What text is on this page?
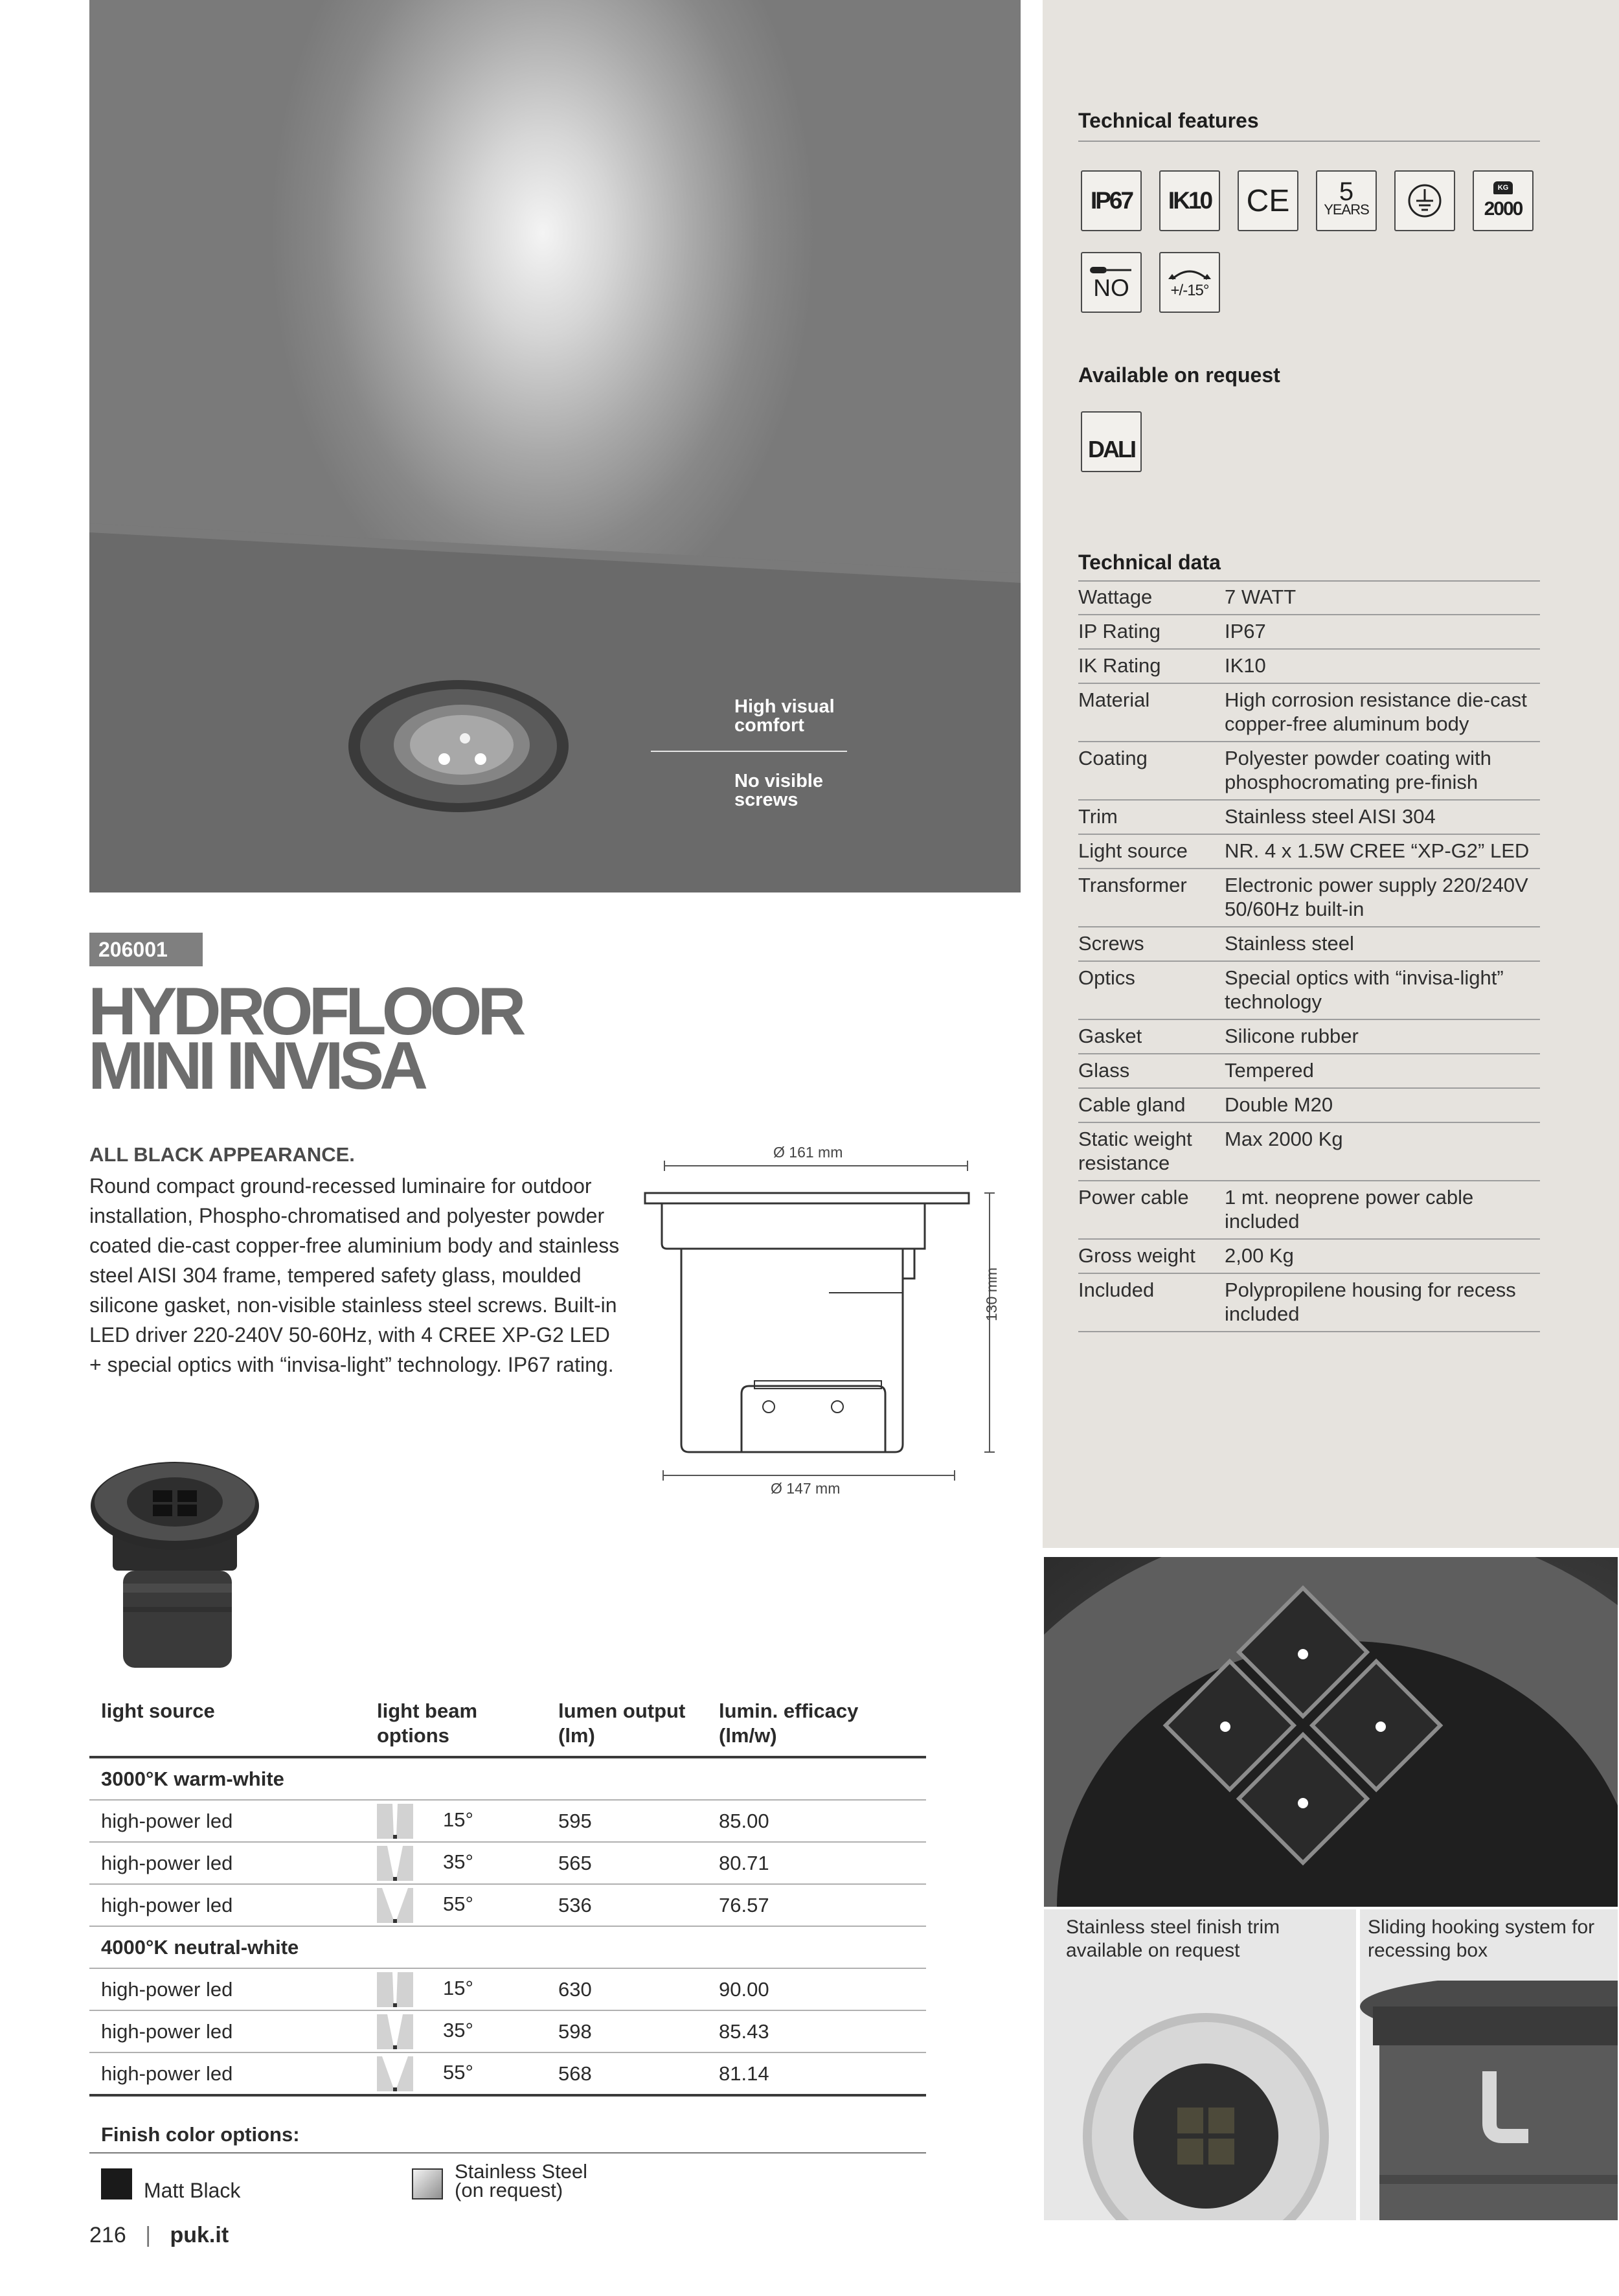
High visual comfort
No visible screws
Technical features
IP67	IK10 CE	5
YEARS
KG
2000
NO	+/-15°
Available on request
DALI
Technical data
Wattage	7 WATT
IP Rating	IP67
IK Rating	IK10
Material	High corrosion resistance die-cast copper-free aluminum body
Coating	Polyester powder coating with phosphocromating pre-finish
Trim	Stainless steel AISI 304
Light source	NR. 4 x 1.5W CREE “XP-G2” LED
Transformer	Electronic power supply 220/240V 50/60Hz built-in
Screws	Stainless steel
Optics	Special optics with “invisa-light” technology
Gasket	Silicone rubber
Glass	Tempered
Cable gland	Double M20
Static weight resistance	Max 2000 Kg
Power cable	1 mt. neoprene power cable included
Gross weight	2,00 Kg
Included	Polypropilene housing for recess included
206001
HYDROFLOOR
MINI INVISA
ALL BLACK APPEARANCE.
Round compact ground-recessed luminaire for outdoor installation, Phospho-chromatised and polyester powder coated die-cast copper-free aluminium body and stainless steel AISI 304 frame, tempered safety glass, moulded silicone gasket, non-visible stainless steel screws. Built-in LED driver 220-240V 50-60Hz, with 4 CREE XP-G2 LED + special optics with “invisa-light” technology. IP67 rating.
Ø 161 mm
130 mm
Ø 147 mm
light source	light beam options	lumen output (lm)	lumin. efficacy (lm/w)
3000°K warm-white			
high-power led	15°	595	85.00
high-power led	35°	565	80.71
high-power led	55°	536	76.57
4000°K neutral-white			
high-power led	15°	630	90.00
high-power led	35°	598	85.43
high-power led	55°	568	81.14
Finish color options:
Matt Black
Stainless Steel
(on request)
216 | puk.it
Stainless steel finish trim available on request
Sliding hooking system for recessing box
